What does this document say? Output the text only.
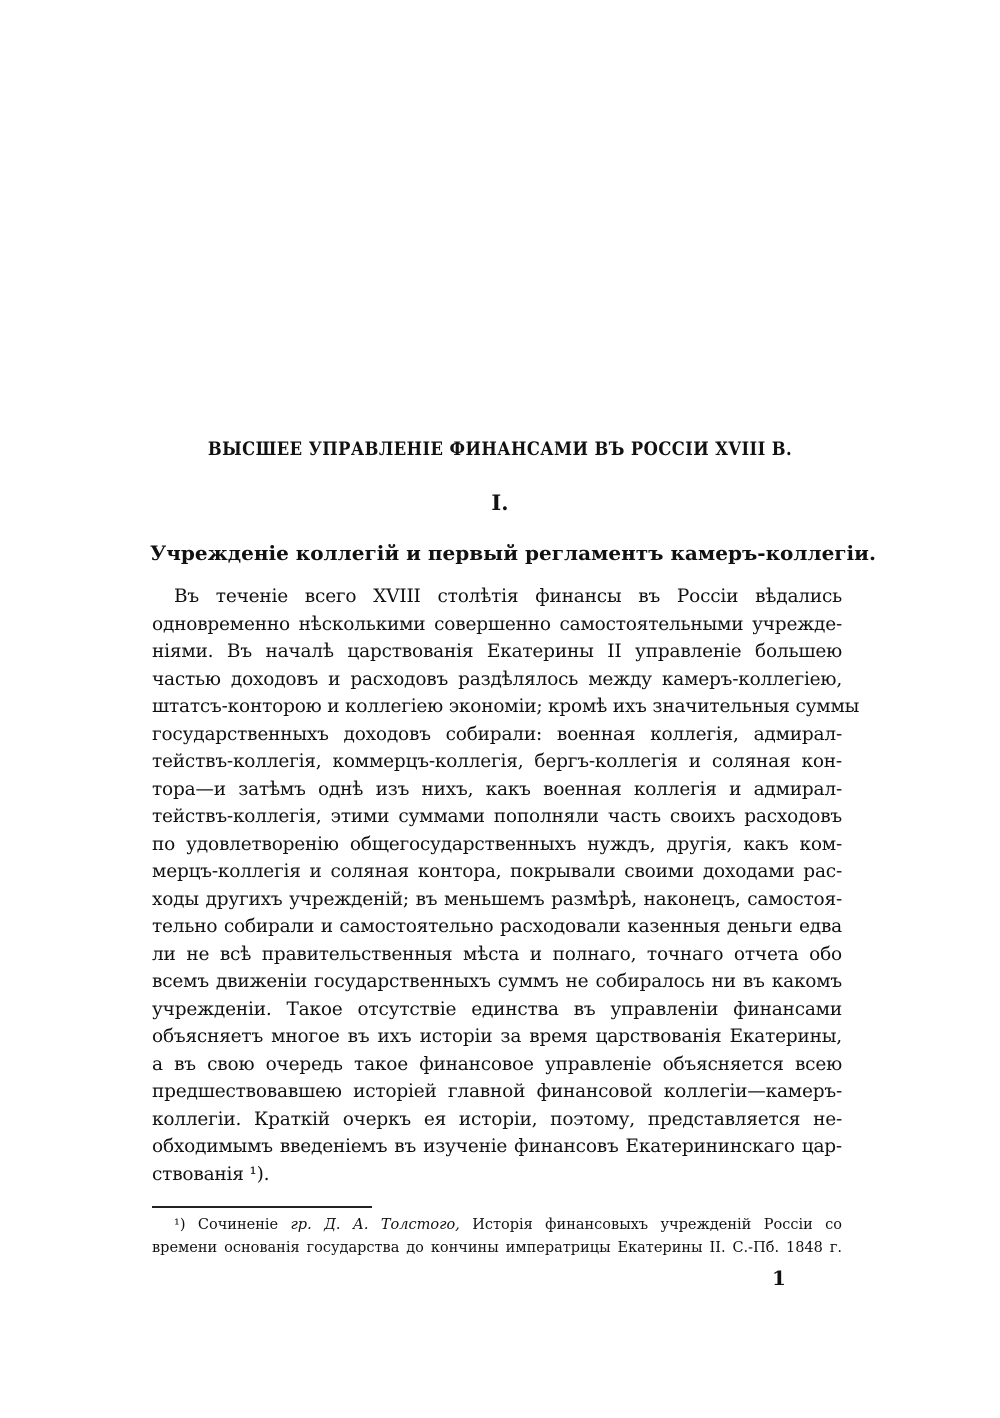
ВЫСШЕЕ УПРАВЛЕНІЕ ФИНАНСАМИ ВЪ РОССІИ XVIII В.
I.
Учрежденіе коллегій и первый регламентъ камеръ-коллегіи.
Въ теченіе всего XVIII столѣтія финансы въ Россіи вѣдались
одновременно нѣсколькими совершенно самостоятельными учрежде-
ніями. Въ началѣ царствованія Екатерины II управленіе большею
частью доходовъ и расходовъ раздѣлялось между камеръ-коллегіею,
штатсъ-конторою и коллегіею экономіи; кромѣ ихъ значительныя суммы
государственныхъ доходовъ собирали: военная коллегія, адмирал-
тействъ-коллегія, коммерцъ-коллегія, бергъ-коллегія и соляная кон-
тора—и затѣмъ однѣ изъ нихъ, какъ военная коллегія и адмирал-
тействъ-коллегія, этими суммами пополняли часть своихъ расходовъ
по удовлетворенію общегосударственныхъ нуждъ, другія, какъ ком-
мерцъ-коллегія и соляная контора, покрывали своими доходами рас-
ходы другихъ учрежденій; въ меньшемъ размѣрѣ, наконецъ, самостоя-
тельно собирали и самостоятельно расходовали казенныя деньги едва
ли не всѣ правительственныя мѣста и полнаго, точнаго отчета обо
всемъ движеніи государственныхъ суммъ не собиралось ни въ какомъ
учрежденіи. Такое отсутствіе единства въ управленіи финансами
объясняетъ многое въ ихъ исторіи за время царствованія Екатерины,
а въ свою очередь такое финансовое управленіе объясняется всею
предшествовавшею исторіей главной финансовой коллегіи—камеръ-
коллегіи. Краткій очеркъ ея исторіи, поэтому, представляется не-
обходимымъ введеніемъ въ изученіе финансовъ Екатерининскаго цар-
ствованія ¹).
¹) Сочиненіе гр. Д. А. Толстого, Исторія финансовыхъ учрежденій Россіи со
времени основанія государства до кончины императрицы Екатерины II. С.-Пб. 1848 г.
1
